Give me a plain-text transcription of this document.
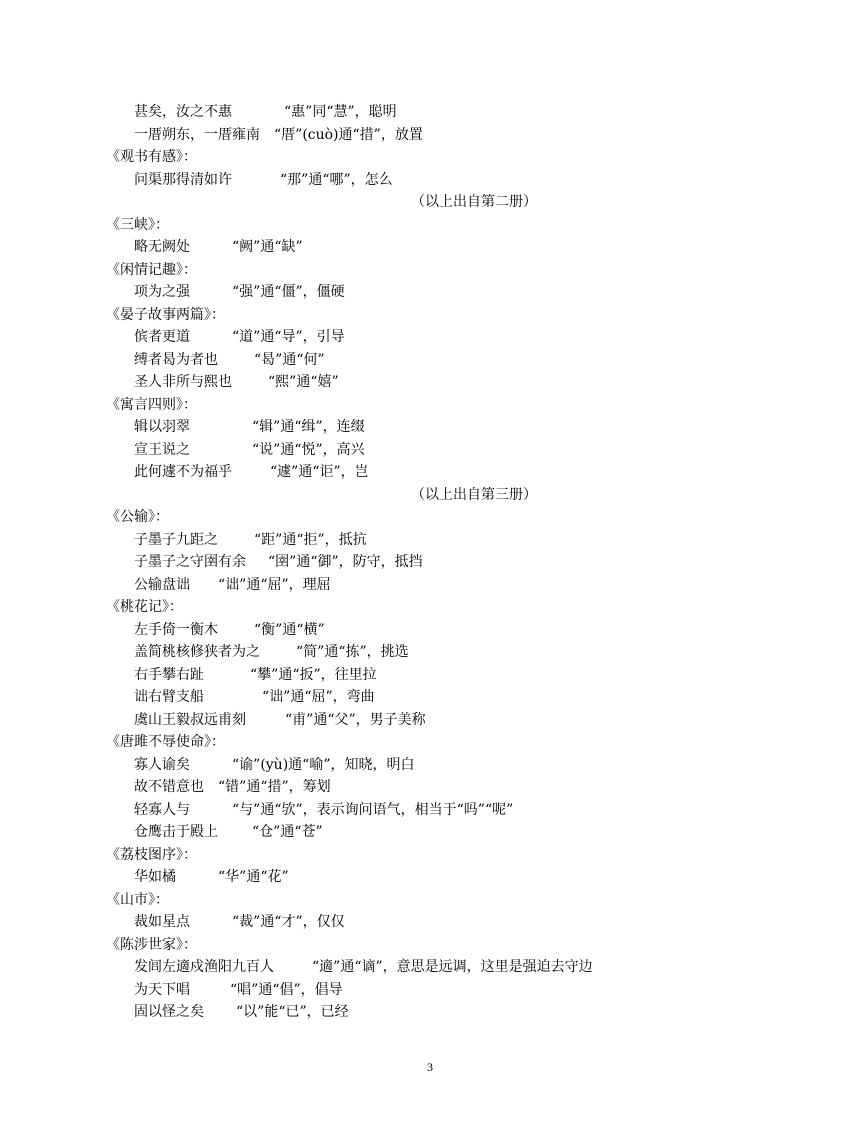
甚矣，汝之不惠	“惠”同“慧”，聪明
一厝朔东，一厝雍南 “厝”(cuò)通“措”，放置
《观书有感》：
问渠那得清如许	“那”通“哪”，怎么
（以上出自第二册）
《三峡》：
略无阙处	“阙”通“缺”
《闲情记趣》：
项为之强	“强”通“僵”，僵硬
《晏子故事两篇》：
傧者更道	“道”通“导”，引导
缚者曷为者也	“曷”通“何”
圣人非所与熙也	“熙”通“嬉”
《寓言四则》：
辑以羽翠	“辑”通“缉”，连缀
宣王说之	“说”通“悦”，高兴
此何遽不为福乎	“遽”通“讵”，岂
（以上出自第三册）
《公输》：
子墨子九距之	“距”通“拒”，抵抗
子墨子之守圉有余 “圉”通“御”，防守，抵挡
公输盘诎 “诎”通“屈”，理屈
《桃花记》：
左手倚一衡木	“衡”通“横”
盖简桃核修狭者为之	“简”通“拣”，挑选
右手攀右趾	“攀”通“扳”，往里拉
诎右臂支船	“诎”通“屈”，弯曲
虞山王毅叔远甫刻	“甫”通“父”，男子美称
《唐雎不辱使命》：
寡人谕矣	“谕”(yù)通“喻”，知晓，明白
故不错意也 “错”通“措”，筹划
轻寡人与	“与”通“欤”，表示询问语气，相当于“吗”“呢”
仓鹰击于殿上 “仓”通“苍”
《荔枝图序》：
华如橘	“华”通“花”
《山市》：
裁如星点	“裁”通“才”，仅仅
《陈涉世家》：
发闾左適戍渔阳九百人	“適”通“谪”，意思是远调，这里是强迫去守边
为天下唱	“唱”通“倡”，倡导
固以怪之矣 “以”能“已”，已经
3
